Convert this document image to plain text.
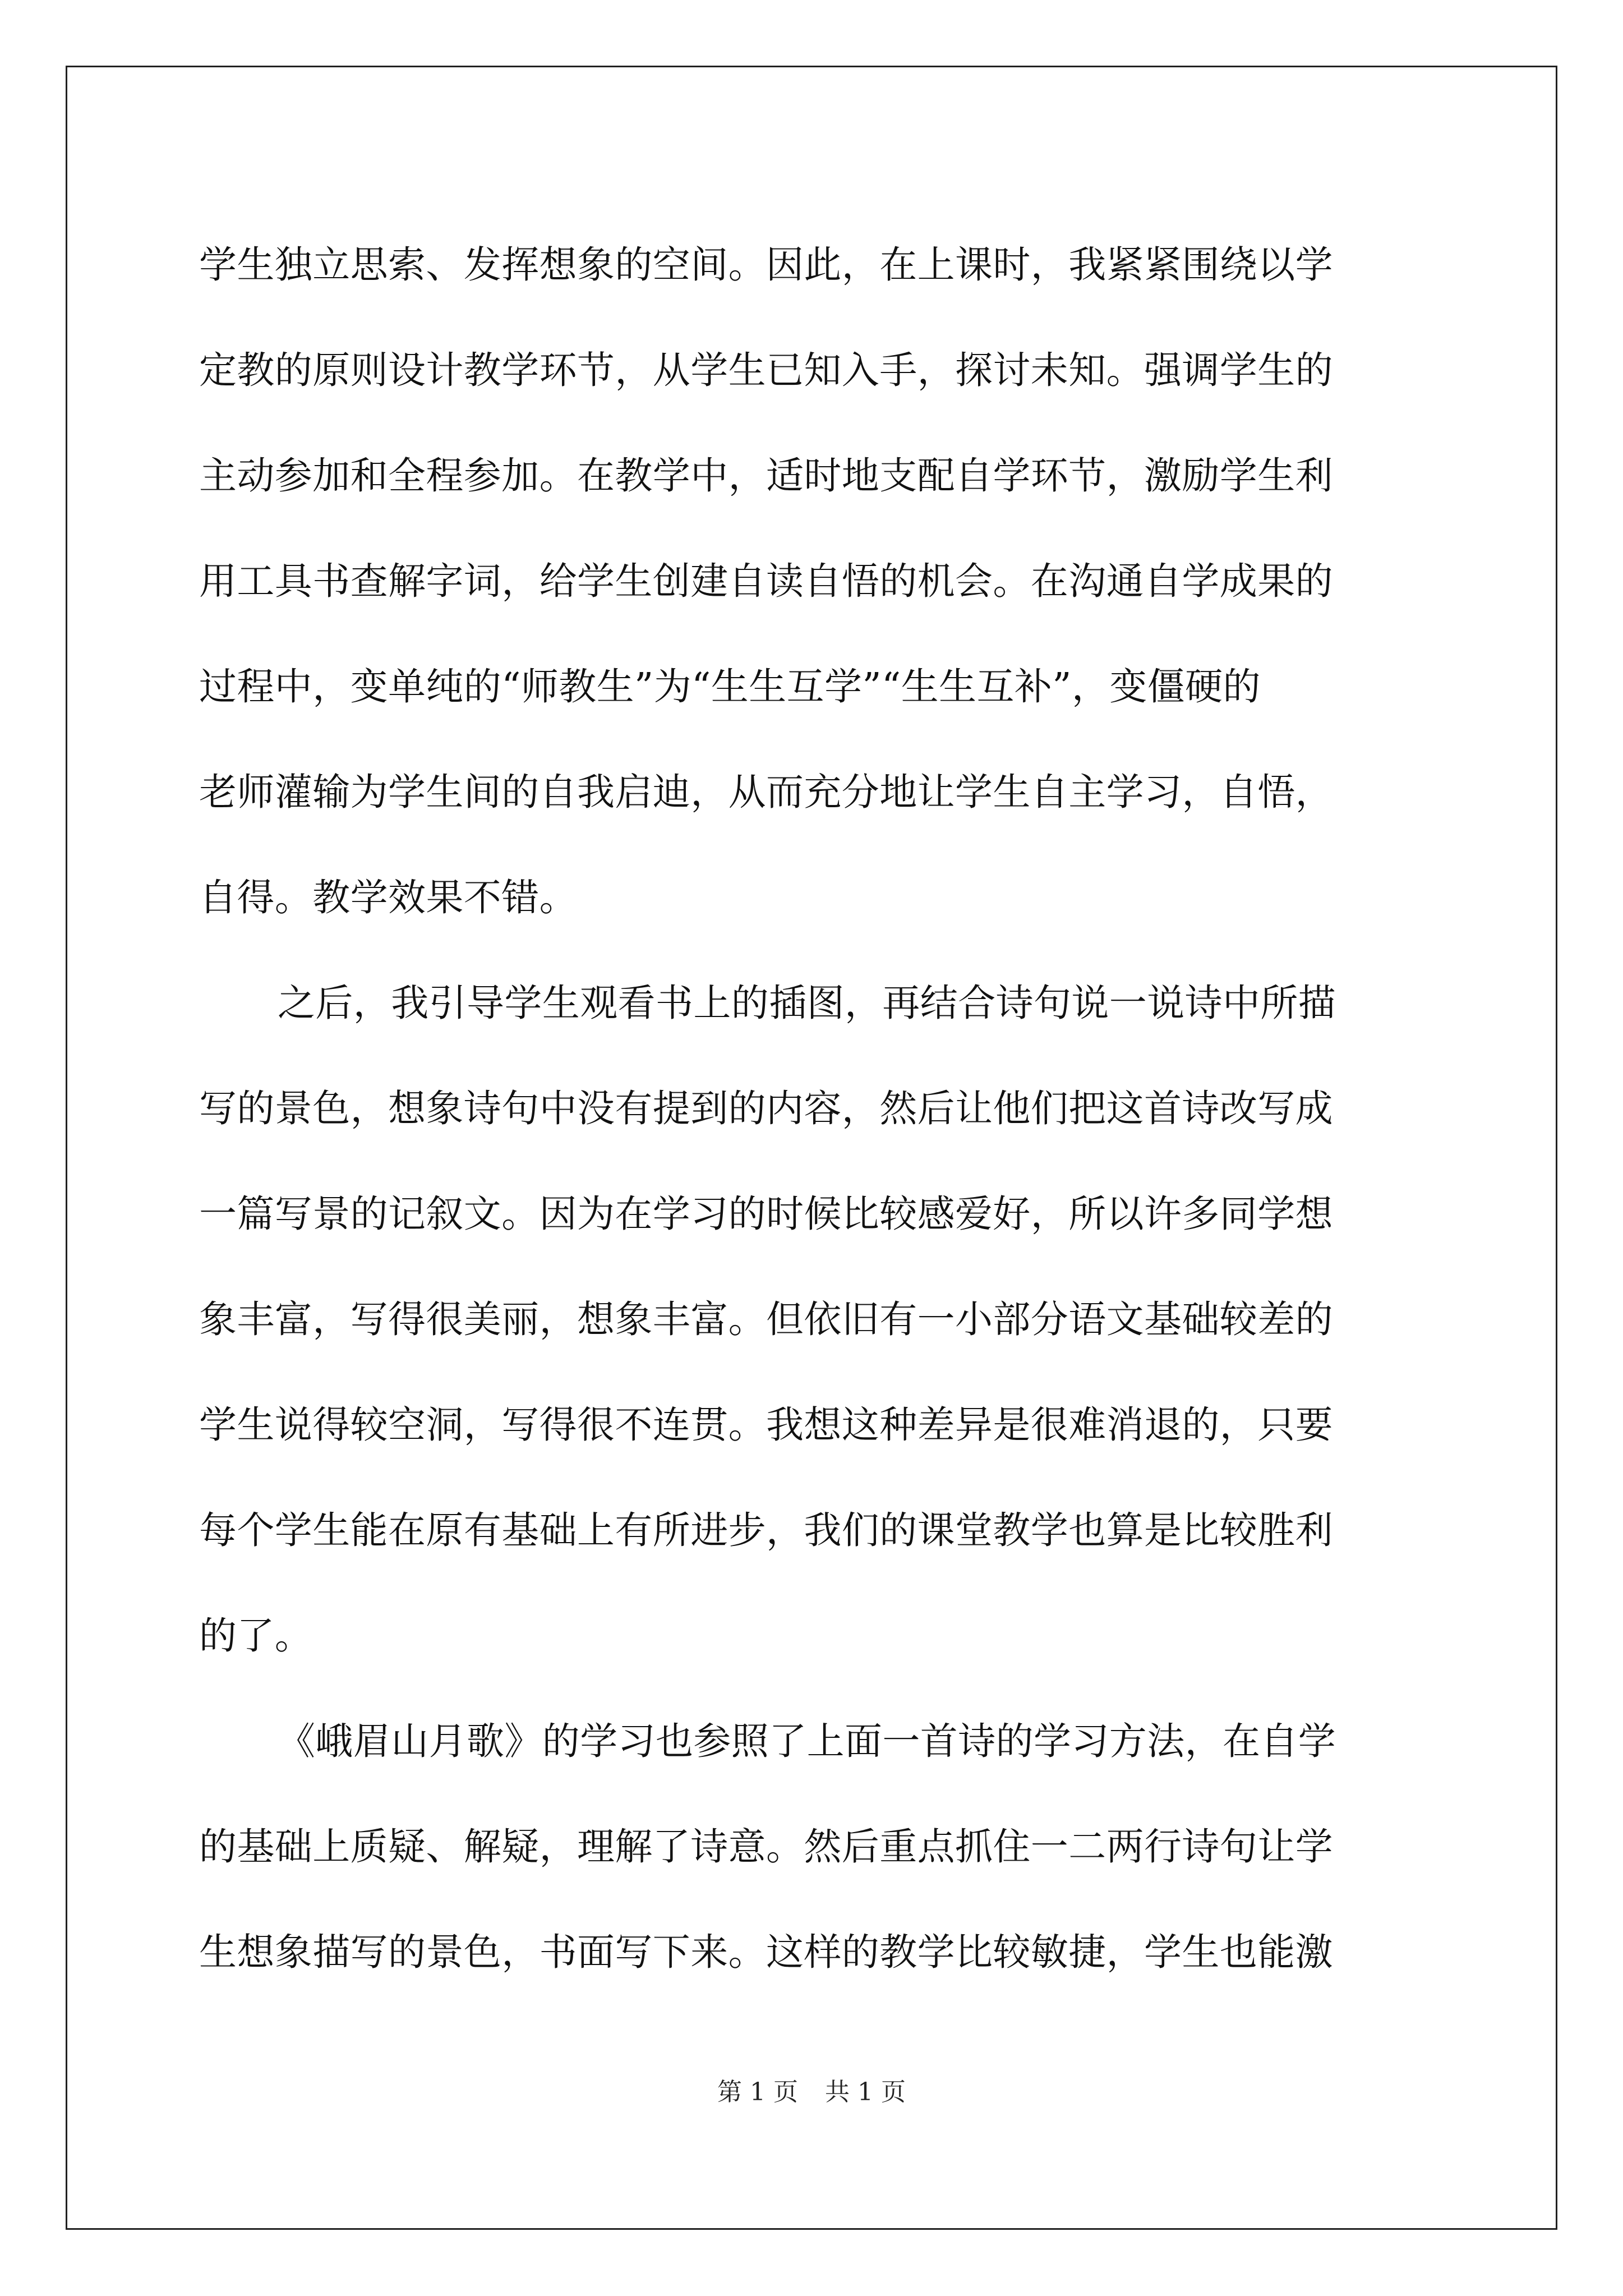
学生独立思索、发挥想象的空间。因此，在上课时，我紧紧围绕以学
定教的原则设计教学环节，从学生已知入手，探讨未知。强调学生的
主动参加和全程参加。在教学中，适时地支配自学环节，激励学生利
用工具书查解字词，给学生创建自读自悟的机会。在沟通自学成果的
过程中，变单纯的“师教生”为“生生互学”“生生互补”，变僵硬的
老师灌输为学生间的自我启迪，从而充分地让学生自主学习，自悟，
自得。教学效果不错。
之后，我引导学生观看书上的插图，再结合诗句说一说诗中所描
写的景色，想象诗句中没有提到的内容，然后让他们把这首诗改写成
一篇写景的记叙文。因为在学习的时候比较感爱好，所以许多同学想
象丰富，写得很美丽，想象丰富。但依旧有一小部分语文基础较差的
学生说得较空洞，写得很不连贯。我想这种差异是很难消退的，只要
每个学生能在原有基础上有所进步，我们的课堂教学也算是比较胜利
的了。
《峨眉山月歌》的学习也参照了上面一首诗的学习方法，在自学
的基础上质疑、解疑，理解了诗意。然后重点抓住一二两行诗句让学
生想象描写的景色，书面写下来。这样的教学比较敏捷，学生也能激
第 1 页 共 1 页
